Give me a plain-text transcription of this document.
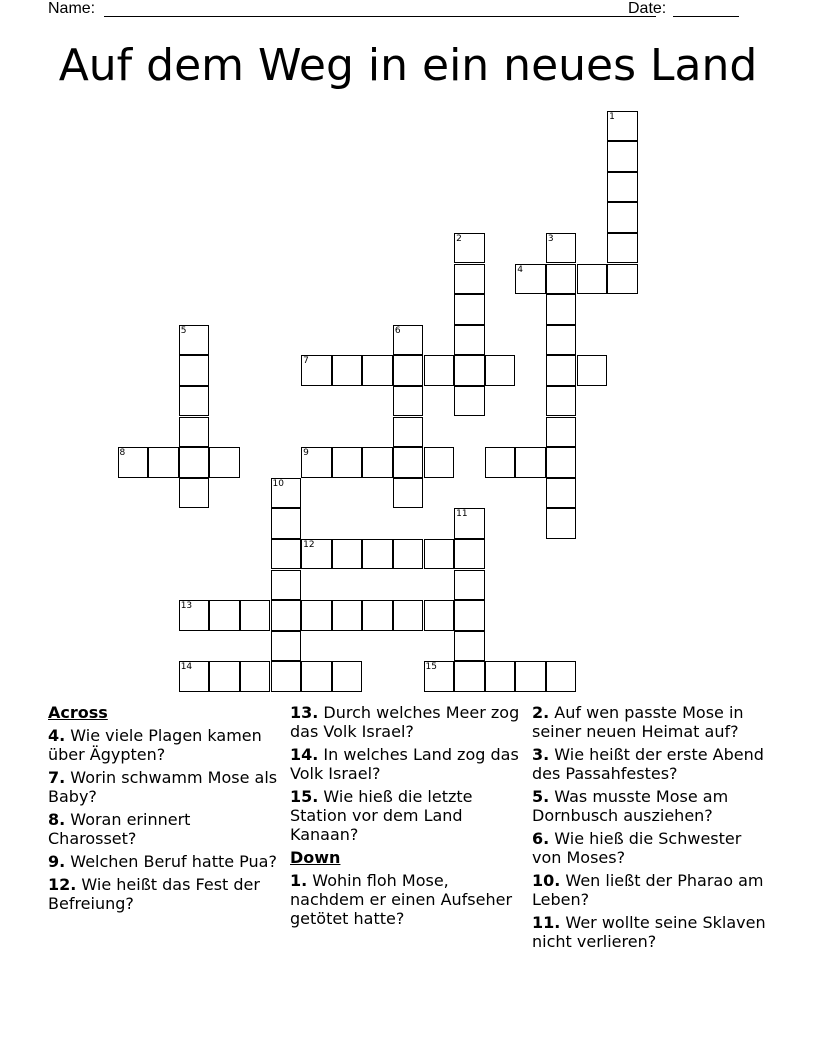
Name:	Date:
Auf dem Weg in ein neues Land
1
2	3
4
5	6
7
8	9
10
11
12
13
14	15
Across
4. Wie viele Plagen kamen über Ägypten?
7. Worin schwamm Mose als Baby?
8. Woran erinnert Charosset?
9. Welchen Beruf hatte Pua?
12. Wie heißt das Fest der Befreiung?
13. Durch welches Meer zog das Volk Israel?
14. In welches Land zog das Volk Israel?
15. Wie hieß die letzte Station vor dem Land Kanaan?
Down
1. Wohin floh Mose, nachdem er einen Aufseher getötet hatte?
2. Auf wen passte Mose in seiner neuen Heimat auf?
3. Wie heißt der erste Abend des Passahfestes?
5. Was musste Mose am Dornbusch ausziehen?
6. Wie hieß die Schwester von Moses?
10. Wen ließt der Pharao am Leben?
11. Wer wollte seine Sklaven nicht verlieren?
